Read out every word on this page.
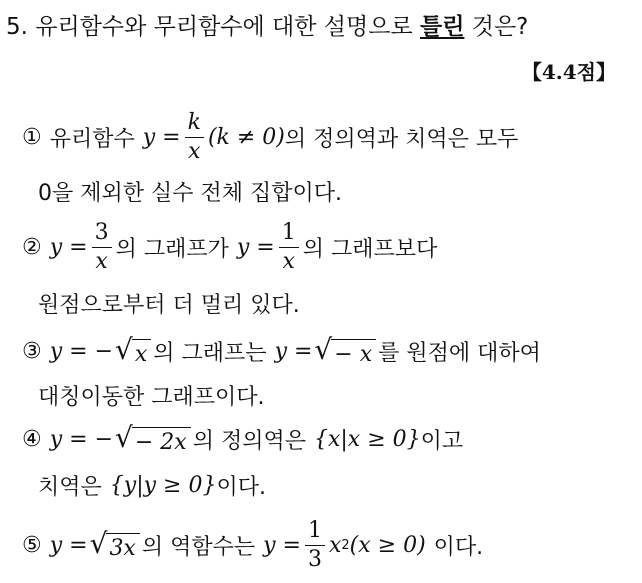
5. 유리함수와 무리함수에 대한 설명으로 틀린 것은?
【4.4점】
① 유리함수 $y = \frac{k}{x} (k \ne 0)$ 의 정의역과 치역은 모두
0을 제외한 실수 전체 집합이다.
② $y = \frac{3}{x}$ 의 그래프가 $y = \frac{1}{x}$ 의 그래프보다
원점으로부터 더 멀리 있다.
③ y = − √ x 의 그래프는 y = √ − x 를 원점에 대하여
대칭이동한 그래프이다.
④ y = − √ − 2x 의 정의역은 {x|x ≥ 0} 이고
치역은 {y|y ≥ 0} 이다.
⑤ y = √ 3x 의 역함수는 $y = \frac{1}{3}$ x 2 (x ≥ 0) 이다.
